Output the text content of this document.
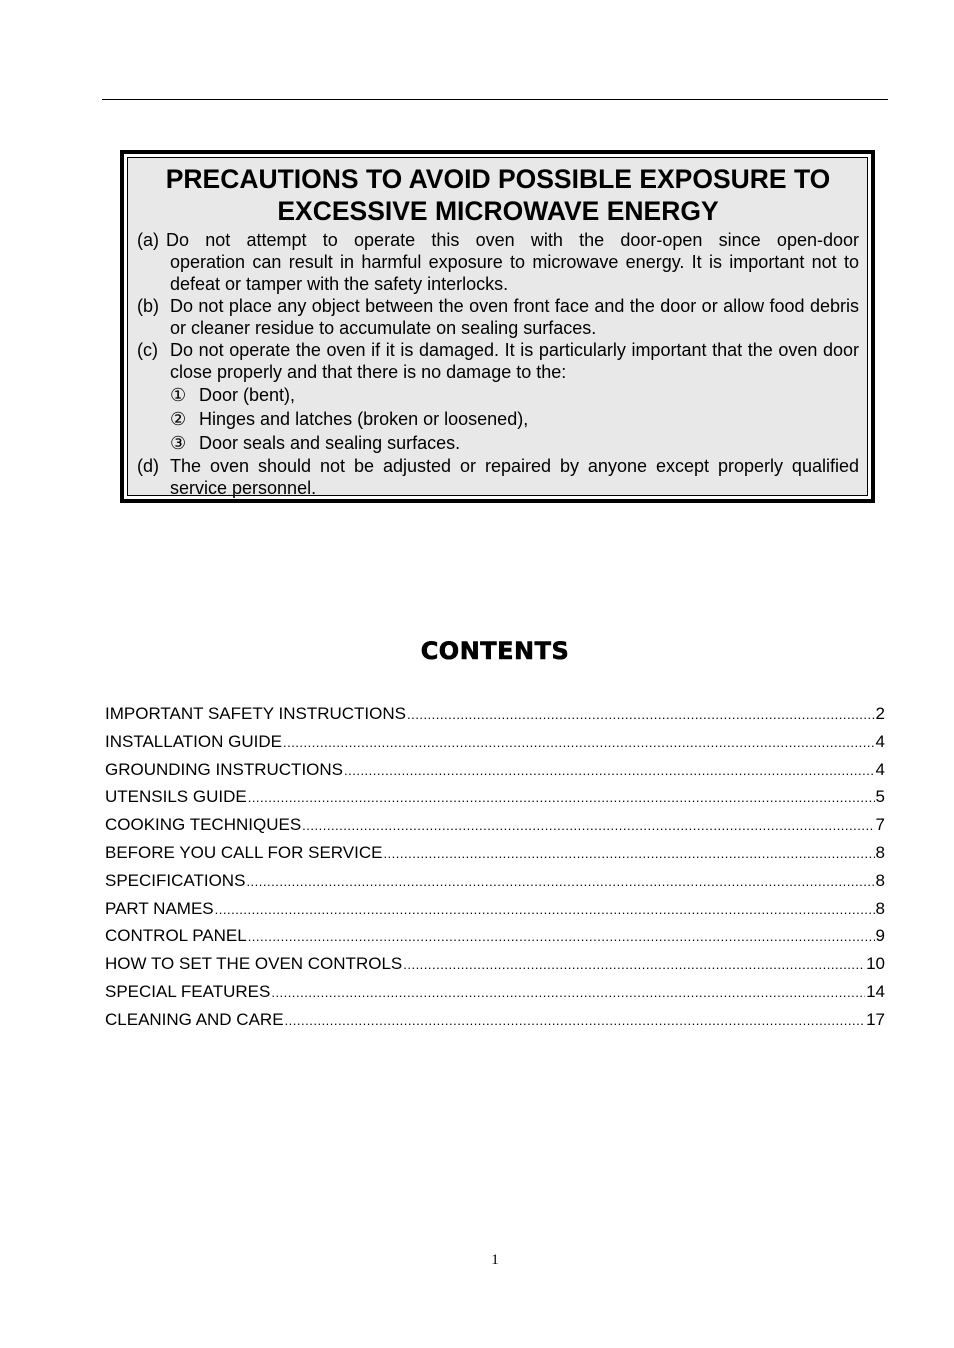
PRECAUTIONS TO AVOID POSSIBLE EXPOSURE TO
EXCESSIVE MICROWAVE ENERGY
(a) Do not attempt to operate this oven with the door-open since open-door
operation can result in harmful exposure to microwave energy. It is important not to defeat or tamper with the safety interlocks.
(b) Do not place any object between the oven front face and the door or allow food debris or cleaner residue to accumulate on sealing surfaces.
(c) Do not operate the oven if it is damaged. It is particularly important that the oven door close properly and that there is no damage to the:
① Door (bent),
② Hinges and latches (broken or loosened),
③ Door seals and sealing surfaces.
(d) The oven should not be adjusted or repaired by anyone except properly qualified service personnel.
CONTENTS
IMPORTANT SAFETY INSTRUCTIONS .....	2
INSTALLATION GUIDE .....	4
GROUNDING INSTRUCTIONS .....	4
UTENSILS GUIDE .....	5
COOKING TECHNIQUES .....	7
BEFORE YOU CALL FOR SERVICE .....	8
SPECIFICATIONS .....	8
PART NAMES .....	8
CONTROL PANEL .....	9
HOW TO SET THE OVEN CONTROLS .....	10
SPECIAL FEATURES .....	14
CLEANING AND CARE .....	17
1
